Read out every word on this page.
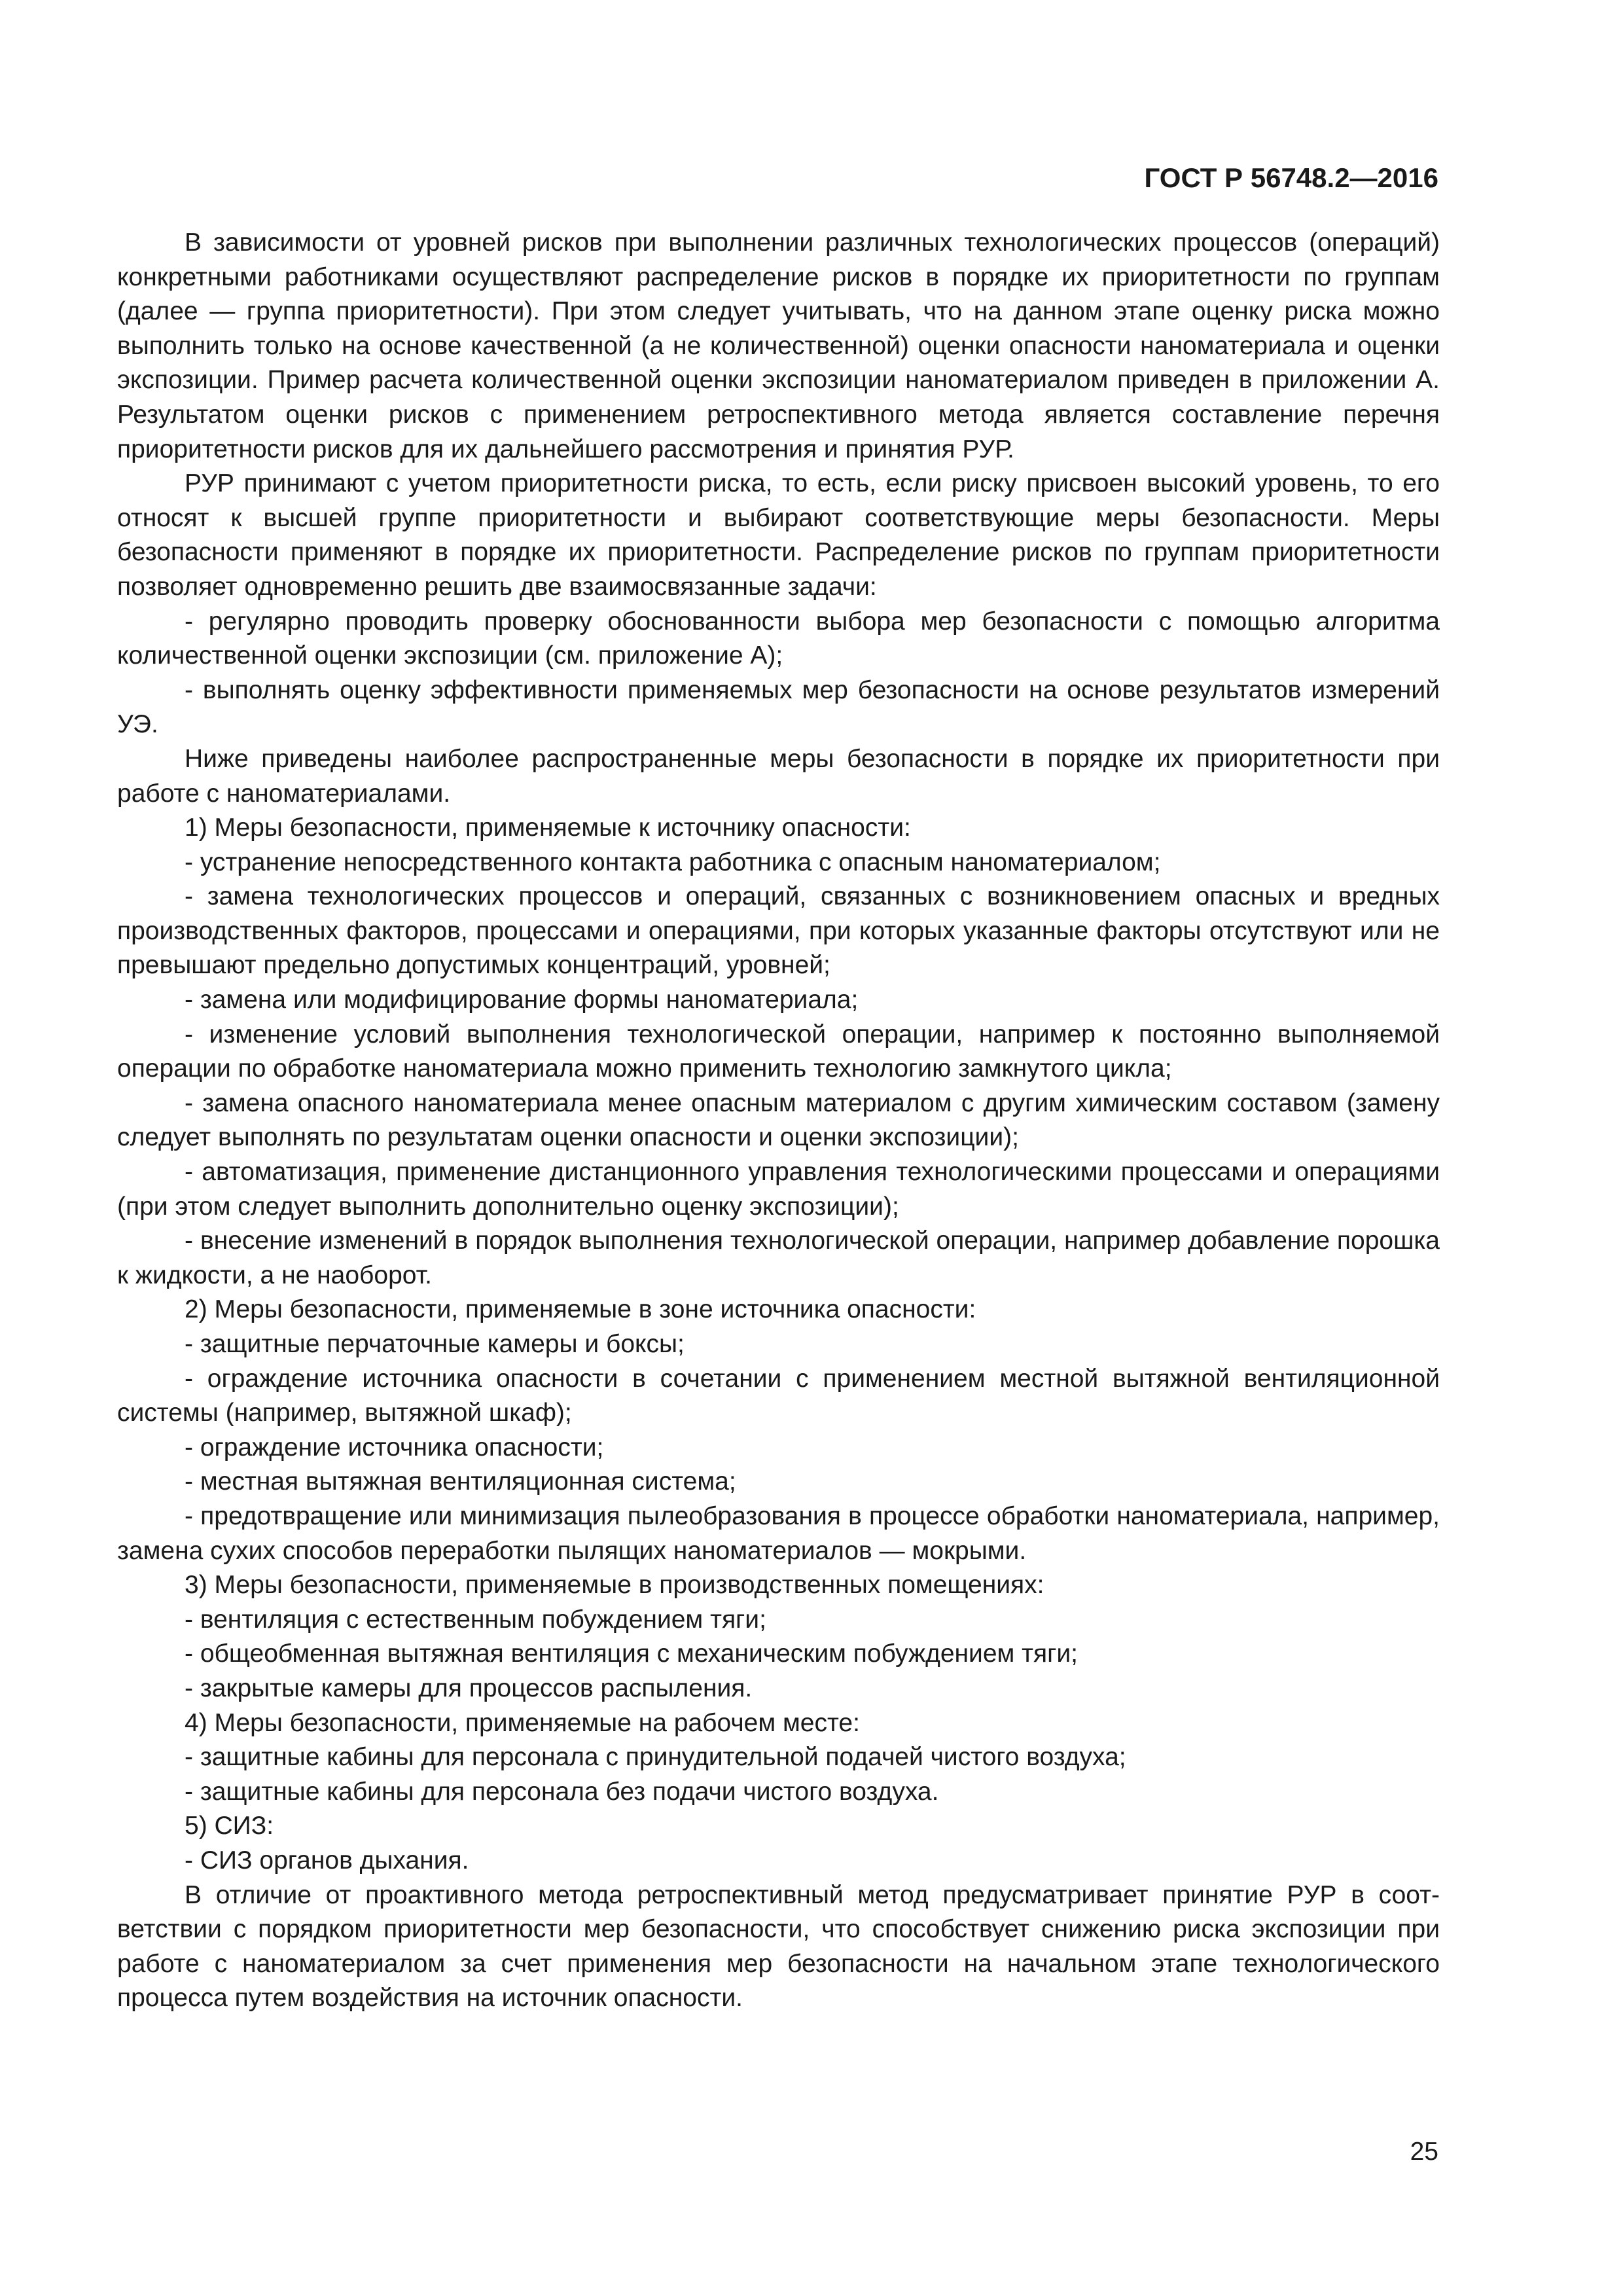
ГОСТ Р 56748.2—2016

В зависимости от уровней рисков при выполнении различных технологических процессов (операций) конкретными работниками осуществляют распределение рисков в порядке их приоритетности по группам (далее — группа приоритетности). При этом следует учитывать, что на данном этапе оценку риска можно выполнить только на основе качественной (а не количественной) оценки опасности наноматериала и оценки экспозиции. Пример расчета количественной оценки экспозиции наноматериалом приведен в приложении А. Результатом оценки рисков с применением ретроспективного метода является составление перечня приоритетности рисков для их дальнейшего рассмотрения и принятия РУР.

РУР принимают с учетом приоритетности риска, то есть, если риску присвоен высокий уровень, то его относят к высшей группе приоритетности и выбирают соответствующие меры безопасности. Меры безопасности применяют в порядке их приоритетности. Распределение рисков по группам приоритетности позволяет одновременно решить две взаимосвязанные задачи:

- регулярно проводить проверку обоснованности выбора мер безопасности с помощью алгоритма количественной оценки экспозиции (см. приложение А);

- выполнять оценку эффективности применяемых мер безопасности на основе результатов измерений УЭ.

Ниже приведены наиболее распространенные меры безопасности в порядке их приоритетности при работе с наноматериалами.

1) Меры безопасности, применяемые к источнику опасности:

- устранение непосредственного контакта работника с опасным наноматериалом;

- замена технологических процессов и операций, связанных с возникновением опасных и вредных производственных факторов, процессами и операциями, при которых указанные факторы отсутствуют или не превышают предельно допустимых концентраций, уровней;

- замена или модифицирование формы наноматериала;

- изменение условий выполнения технологической операции, например к постоянно выполняемой операции по обработке наноматериала можно применить технологию замкнутого цикла;

- замена опасного наноматериала менее опасным материалом с другим химическим составом (замену следует выполнять по результатам оценки опасности и оценки экспозиции);

- автоматизация, применение дистанционного управления технологическими процессами и операциями (при этом следует выполнить дополнительно оценку экспозиции);

- внесение изменений в порядок выполнения технологической операции, например добавление порошка к жидкости, а не наоборот.

2) Меры безопасности, применяемые в зоне источника опасности:

- защитные перчаточные камеры и боксы;

- ограждение источника опасности в сочетании с применением местной вытяжной вентиляционной системы (например, вытяжной шкаф);

- ограждение источника опасности;

- местная вытяжная вентиляционная система;

- предотвращение или минимизация пылеобразования в процессе обработки наноматериала, например, замена сухих способов переработки пылящих наноматериалов — мокрыми.

3) Меры безопасности, применяемые в производственных помещениях:

- вентиляция с естественным побуждением тяги;

- общеобменная вытяжная вентиляция с механическим побуждением тяги;

- закрытые камеры для процессов распыления.

4) Меры безопасности, применяемые на рабочем месте:

- защитные кабины для персонала с принудительной подачей чистого воздуха;

- защитные кабины для персонала без подачи чистого воздуха.

5) СИЗ:

- СИЗ органов дыхания.

В отличие от проактивного метода ретроспективный метод предусматривает принятие РУР в соответствии с порядком приоритетности мер безопасности, что способствует снижению риска экспозиции при работе с наноматериалом за счет применения мер безопасности на начальном этапе технологического процесса путем воздействия на источник опасности.

25
